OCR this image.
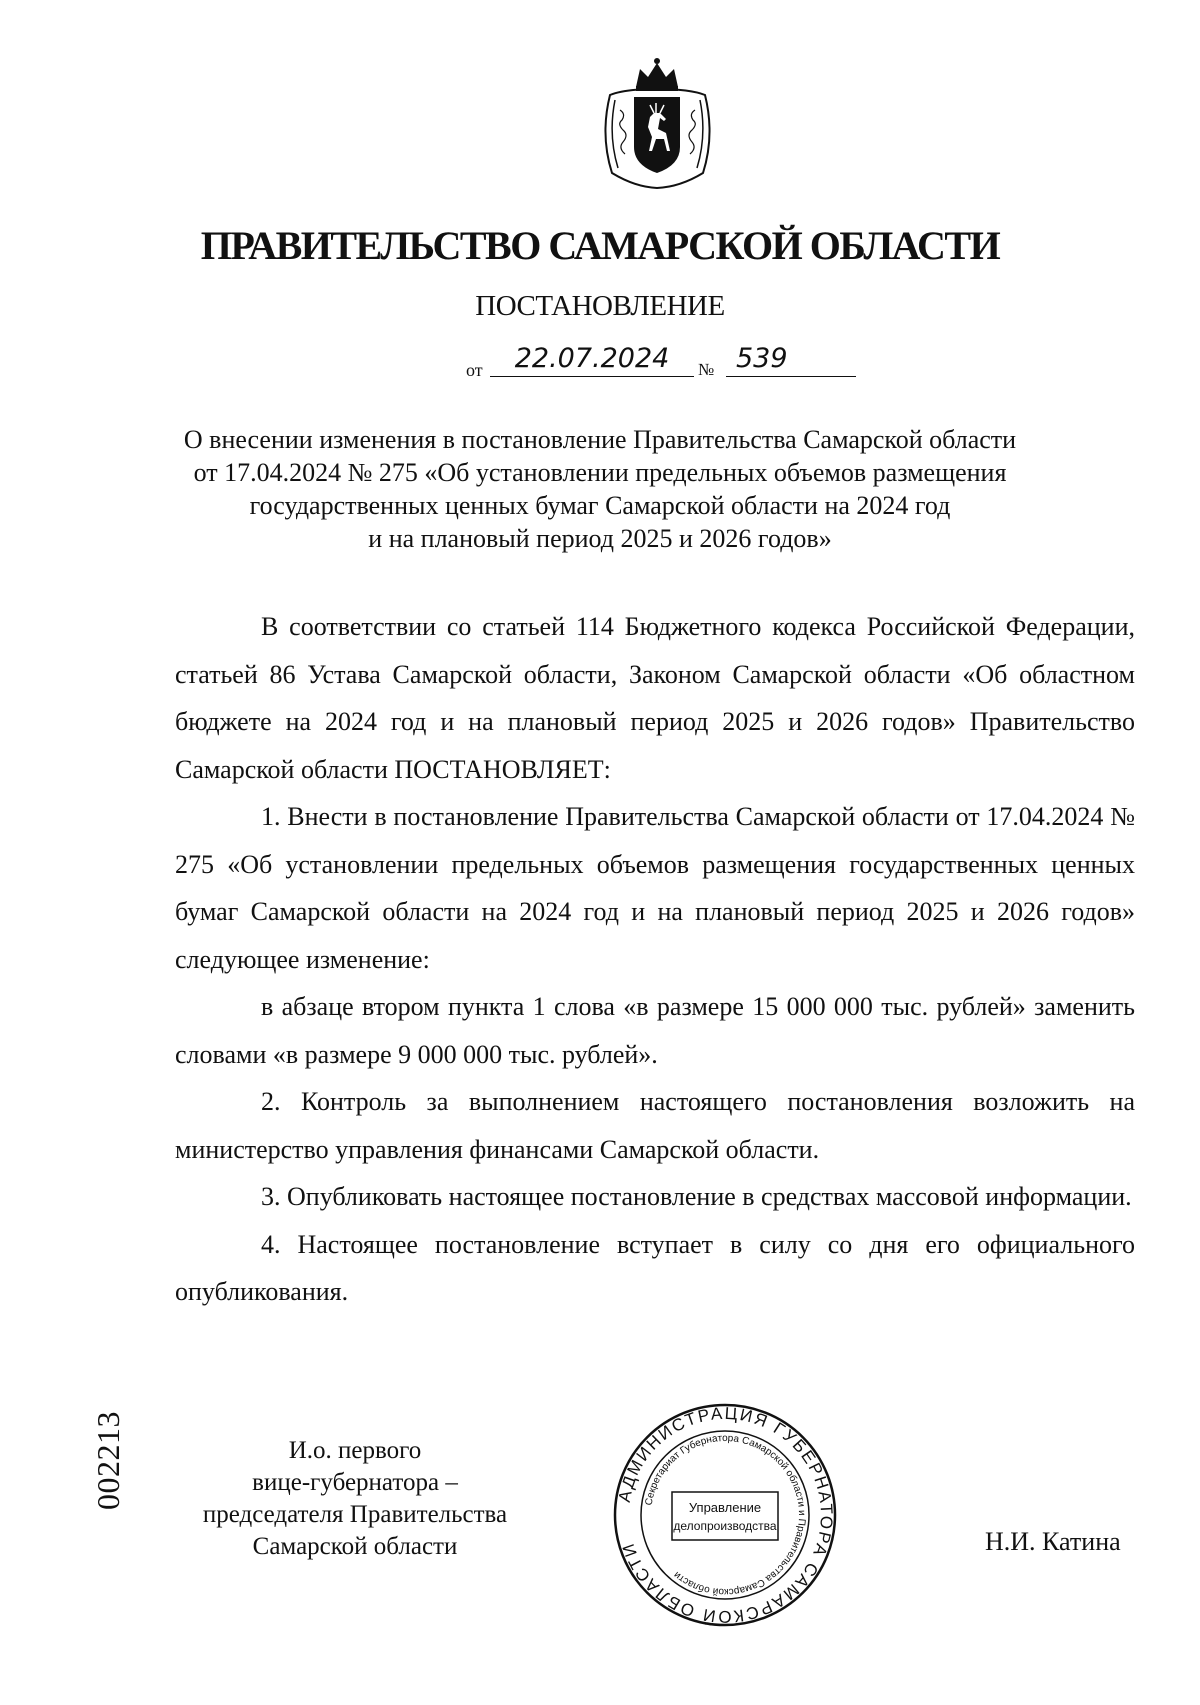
ПРАВИТЕЛЬСТВО САМАРСКОЙ ОБЛАСТИ
ПОСТАНОВЛЕНИЕ
от	22.07.2024	№ 539
О внесении изменения в постановление Правительства Самарской области
от 17.04.2024 № 275 «Об установлении предельных объемов размещения
государственных ценных бумаг Самарской области на 2024 год
и на плановый период 2025 и 2026 годов»

В соответствии со статьей 114 Бюджетного кодекса Российской Федерации, статьей 86 Устава Самарской области, Законом Самарской области «Об областном бюджете на 2024 год и на плановый период 2025 и 2026 годов» Правительство Самарской области ПОСТАНОВЛЯЕТ:

1. Внести в постановление Правительства Самарской области от 17.04.2024 № 275 «Об установлении предельных объемов размещения государственных ценных бумаг Самарской области на 2024 год и на плановый период 2025 и 2026 годов» следующее изменение:

в абзаце втором пункта 1 слова «в размере 15 000 000 тыс. рублей» заменить словами «в размере 9 000 000 тыс. рублей».

2. Контроль за выполнением настоящего постановления возложить на министерство управления финансами Самарской области.

3. Опубликовать настоящее постановление в средствах массовой информации.

4. Настоящее постановление вступает в силу со дня его официального опубликования.

И.о. первого
вице-губернатора –
председателя Правительства
Самарской области
АДМИНИСТРАЦИЯ ГУБЕРНАТОРА САМАРСКОЙ ОБЛАСТИ
Секретариат Губернатора Самарской области и Правительства Самарской области
Управление
делопроизводства
Н.И. Катина
002213
